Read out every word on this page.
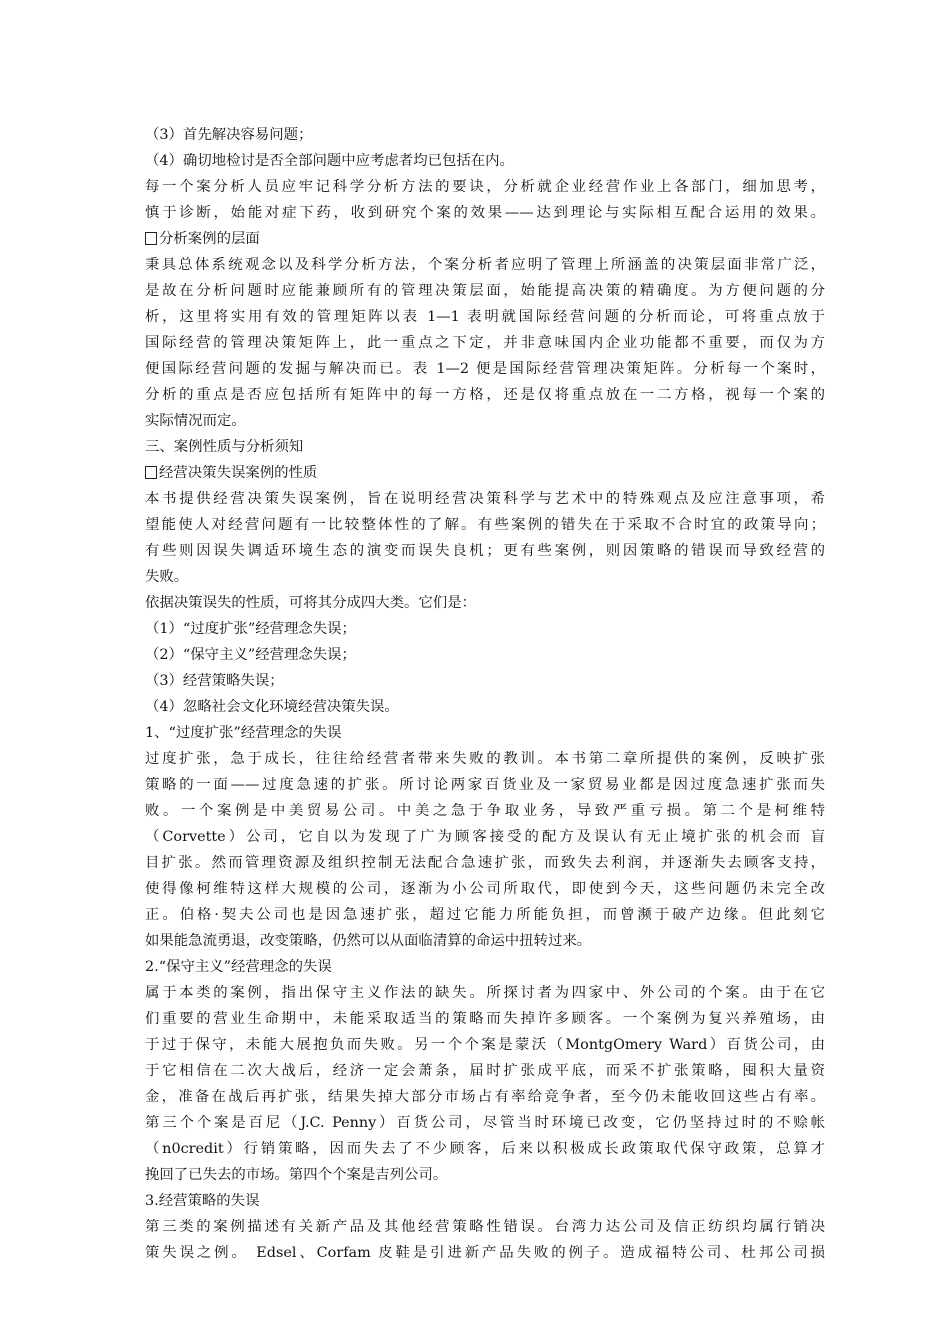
（3）首先解决容易问题；
（4）确切地检讨是否全部问题中应考虑者均已包括在内。
每一个案分析人员应牢记科学分析方法的要诀，分析就企业经营作业上各部门，细加思考，
慎于诊断，始能对症下药，收到研究个案的效果——达到理论与实际相互配合运用的效果。
分析案例的层面
秉具总体系统观念以及科学分析方法，个案分析者应明了管理上所涵盖的决策层面非常广泛，
是故在分析问题时应能兼顾所有的管理决策层面，始能提高决策的精确度。为方便问题的分
析，这里将实用有效的管理矩阵以表 1—1 表明就国际经营问题的分析而论，可将重点放于
国际经营的管理决策矩阵上，此一重点之下定，并非意味国内企业功能都不重要，而仅为方
便国际经营问题的发掘与解决而已。表 1—2 便是国际经营管理决策矩阵。分析每一个案时，
分析的重点是否应包括所有矩阵中的每一方格，还是仅将重点放在一二方格，视每一个案的
实际情况而定。
三、案例性质与分析须知
经营决策失误案例的性质
本书提供经营决策失误案例，旨在说明经营决策科学与艺术中的特殊观点及应注意事项，希
望能使人对经营问题有一比较整体性的了解。有些案例的错失在于采取不合时宜的政策导向；
有些则因误失调适环境生态的演变而误失良机；更有些案例，则因策略的错误而导致经营的
失败。
依据决策误失的性质，可将其分成四大类。它们是：
（1）“过度扩张”经营理念失误；
（2）“保守主义”经营理念失误；
（3）经营策略失误；
（4）忽略社会文化环境经营决策失误。
1、“过度扩张”经营理念的失误
过度扩张，急于成长，往往给经营者带来失败的教训。本书第二章所提供的案例，反映扩张
策略的一面——过度急速的扩张。所讨论两家百货业及一家贸易业都是因过度急速扩张而失
败。一个案例是中美贸易公司。中美之急于争取业务，导致严重亏损。第二个是柯维特
（Corvette）公司，它自以为发现了广为顾客接受的配方及误认有无止境扩张的机会而 盲
目扩张。然而管理资源及组织控制无法配合急速扩张，而致失去利润，并逐渐失去顾客支持，
使得像柯维特这样大规模的公司，逐渐为小公司所取代，即使到今天，这些问题仍未完全改
正。伯格·契夫公司也是因急速扩张，超过它能力所能负担，而曾濒于破产边缘。但此刻它
如果能急流勇退，改变策略，仍然可以从面临清算的命运中扭转过来。
2.“保守主义”经营理念的失误
属于本类的案例，指出保守主义作法的缺失。所探讨者为四家中、外公司的个案。由于在它
们重要的营业生命期中，未能采取适当的策略而失掉许多顾客。一个案例为复兴养殖场，由
于过于保守，未能大展抱负而失败。另一个个案是蒙沃（MontgOmery Ward）百货公司，由
于它相信在二次大战后，经济一定会萧条，届时扩张成平底，而采不扩张策略，囤积大量资
金，准备在战后再扩张，结果失掉大部分市场占有率给竞争者，至今仍未能收回这些占有率。
第三个个案是百尼（J.C. Penny）百货公司，尽管当时环境已改变，它仍坚持过时的不赊帐
（n0credit）行销策略，因而失去了不少顾客，后来以积极成长政策取代保守政策，总算才
挽回了已失去的市场。第四个个案是吉列公司。
3.经营策略的失误
第三类的案例描述有关新产品及其他经营策略性错误。台湾力达公司及信正纺织均属行销决
策失误之例。 Edsel、Corfam 皮鞋是引进新产品失败的例子。造成福特公司、杜邦公司损
